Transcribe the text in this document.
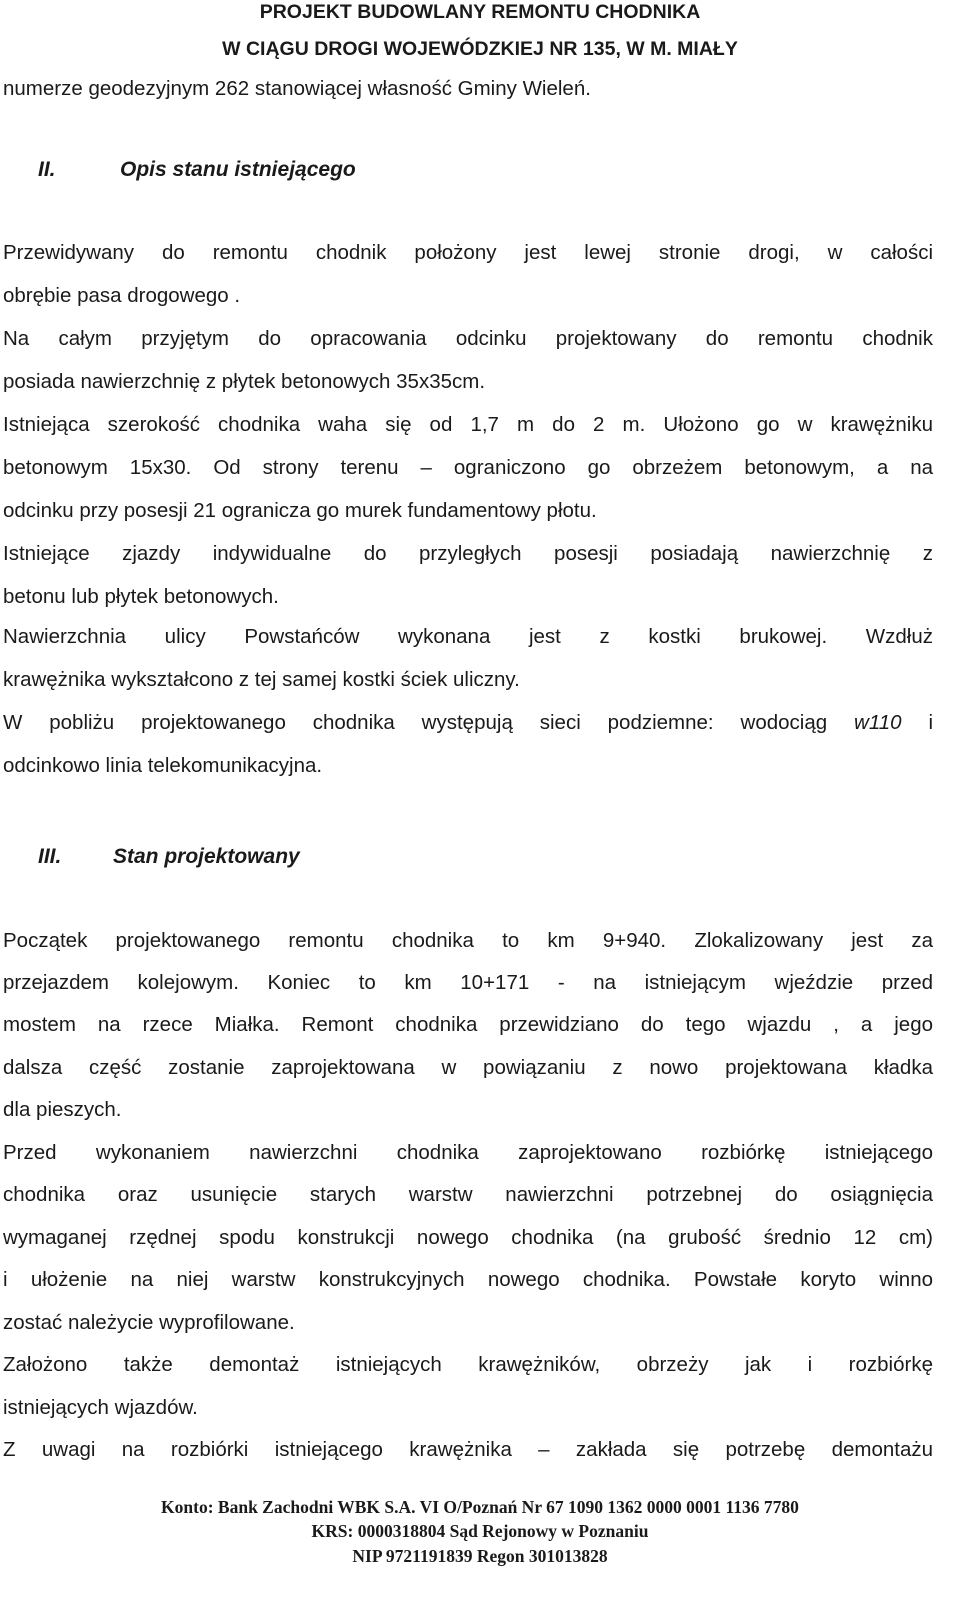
PROJEKT BUDOWLANY REMONTU CHODNIKA
W CIĄGU DROGI WOJEWÓDZKIEJ NR 135, W M. MIAŁY
numerze geodezyjnym 262 stanowiącej własność Gminy Wieleń.
II.	Opis stanu istniejącego
Przewidywany do remontu chodnik położony jest lewej stronie drogi, w całości
obrębie pasa drogowego .
Na całym przyjętym do opracowania odcinku projektowany do remontu chodnik
posiada nawierzchnię z płytek betonowych 35x35cm.
Istniejąca szerokość chodnika waha się od 1,7 m do 2 m. Ułożono go w krawężniku
betonowym 15x30. Od strony terenu – ograniczono go obrzeżem betonowym, a na
odcinku przy posesji 21 ogranicza go murek fundamentowy płotu.
Istniejące zjazdy indywidualne do przyległych posesji posiadają nawierzchnię z
betonu lub płytek betonowych.
Nawierzchnia ulicy Powstańców wykonana jest z kostki brukowej. Wzdłuż
krawężnika wykształcono z tej samej kostki ściek uliczny.
W pobliżu projektowanego chodnika występują sieci podziemne: wodociąg w110 i
odcinkowo linia telekomunikacyjna.
III. Stan projektowany
Początek projektowanego remontu chodnika to km 9+940. Zlokalizowany jest za
przejazdem kolejowym. Koniec to km 10+171 - na istniejącym wjeździe przed
mostem na rzece Miałka. Remont chodnika przewidziano do tego wjazdu , a jego
dalsza część zostanie zaprojektowana w powiązaniu z nowo projektowana kładka
dla pieszych.
Przed wykonaniem nawierzchni chodnika zaprojektowano rozbiórkę istniejącego
chodnika oraz usunięcie starych warstw nawierzchni potrzebnej do osiągnięcia
wymaganej rzędnej spodu konstrukcji nowego chodnika (na grubość średnio 12 cm)
i ułożenie na niej warstw konstrukcyjnych nowego chodnika. Powstałe koryto winno
zostać należycie wyprofilowane.
Założono także demontaż istniejących krawężników, obrzeży jak i rozbiórkę
istniejących wjazdów.
Z uwagi na rozbiórki istniejącego krawężnika – zakłada się potrzebę demontażu
Konto: Bank Zachodni WBK S.A. VI O/Poznań Nr 67 1090 1362 0000 0001 1136 7780
KRS: 0000318804 Sąd Rejonowy w Poznaniu
NIP 9721191839 Regon 301013828
